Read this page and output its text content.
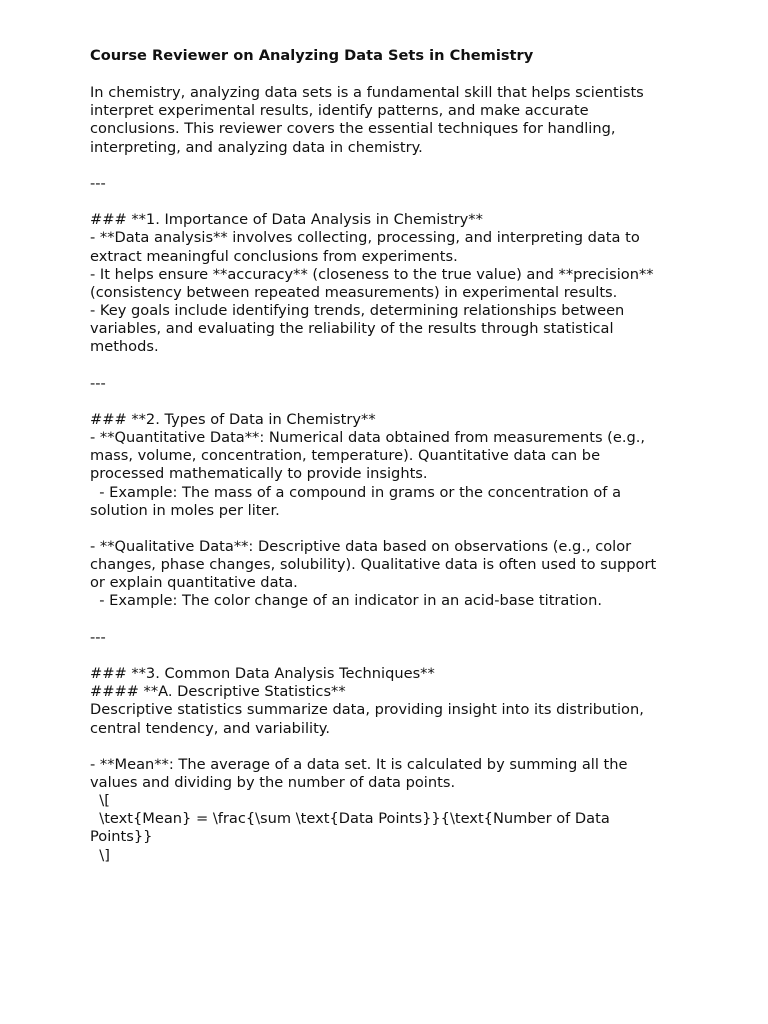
Course Reviewer on Analyzing Data Sets in Chemistry

In chemistry, analyzing data sets is a fundamental skill that helps scientists

interpret experimental results, identify patterns, and make accurate

conclusions. This reviewer covers the essential techniques for handling,

interpreting, and analyzing data in chemistry.

---

### **1. Importance of Data Analysis in Chemistry**

- **Data analysis** involves collecting, processing, and interpreting data to

extract meaningful conclusions from experiments.

- It helps ensure **accuracy** (closeness to the true value) and **precision**

(consistency between repeated measurements) in experimental results.

- Key goals include identifying trends, determining relationships between

variables, and evaluating the reliability of the results through statistical

methods.

---

### **2. Types of Data in Chemistry**

- **Quantitative Data**: Numerical data obtained from measurements (e.g.,

mass, volume, concentration, temperature). Quantitative data can be

processed mathematically to provide insights.

- Example: The mass of a compound in grams or the concentration of a

solution in moles per liter.

- **Qualitative Data**: Descriptive data based on observations (e.g., color

changes, phase changes, solubility). Qualitative data is often used to support

or explain quantitative data.

- Example: The color change of an indicator in an acid-base titration.

---

### **3. Common Data Analysis Techniques**

#### **A. Descriptive Statistics**

Descriptive statistics summarize data, providing insight into its distribution,

central tendency, and variability.

- **Mean**: The average of a data set. It is calculated by summing all the

values and dividing by the number of data points.

\[

\text{Mean} = \frac{\sum \text{Data Points}}{\text{Number of Data

Points}}

\]
